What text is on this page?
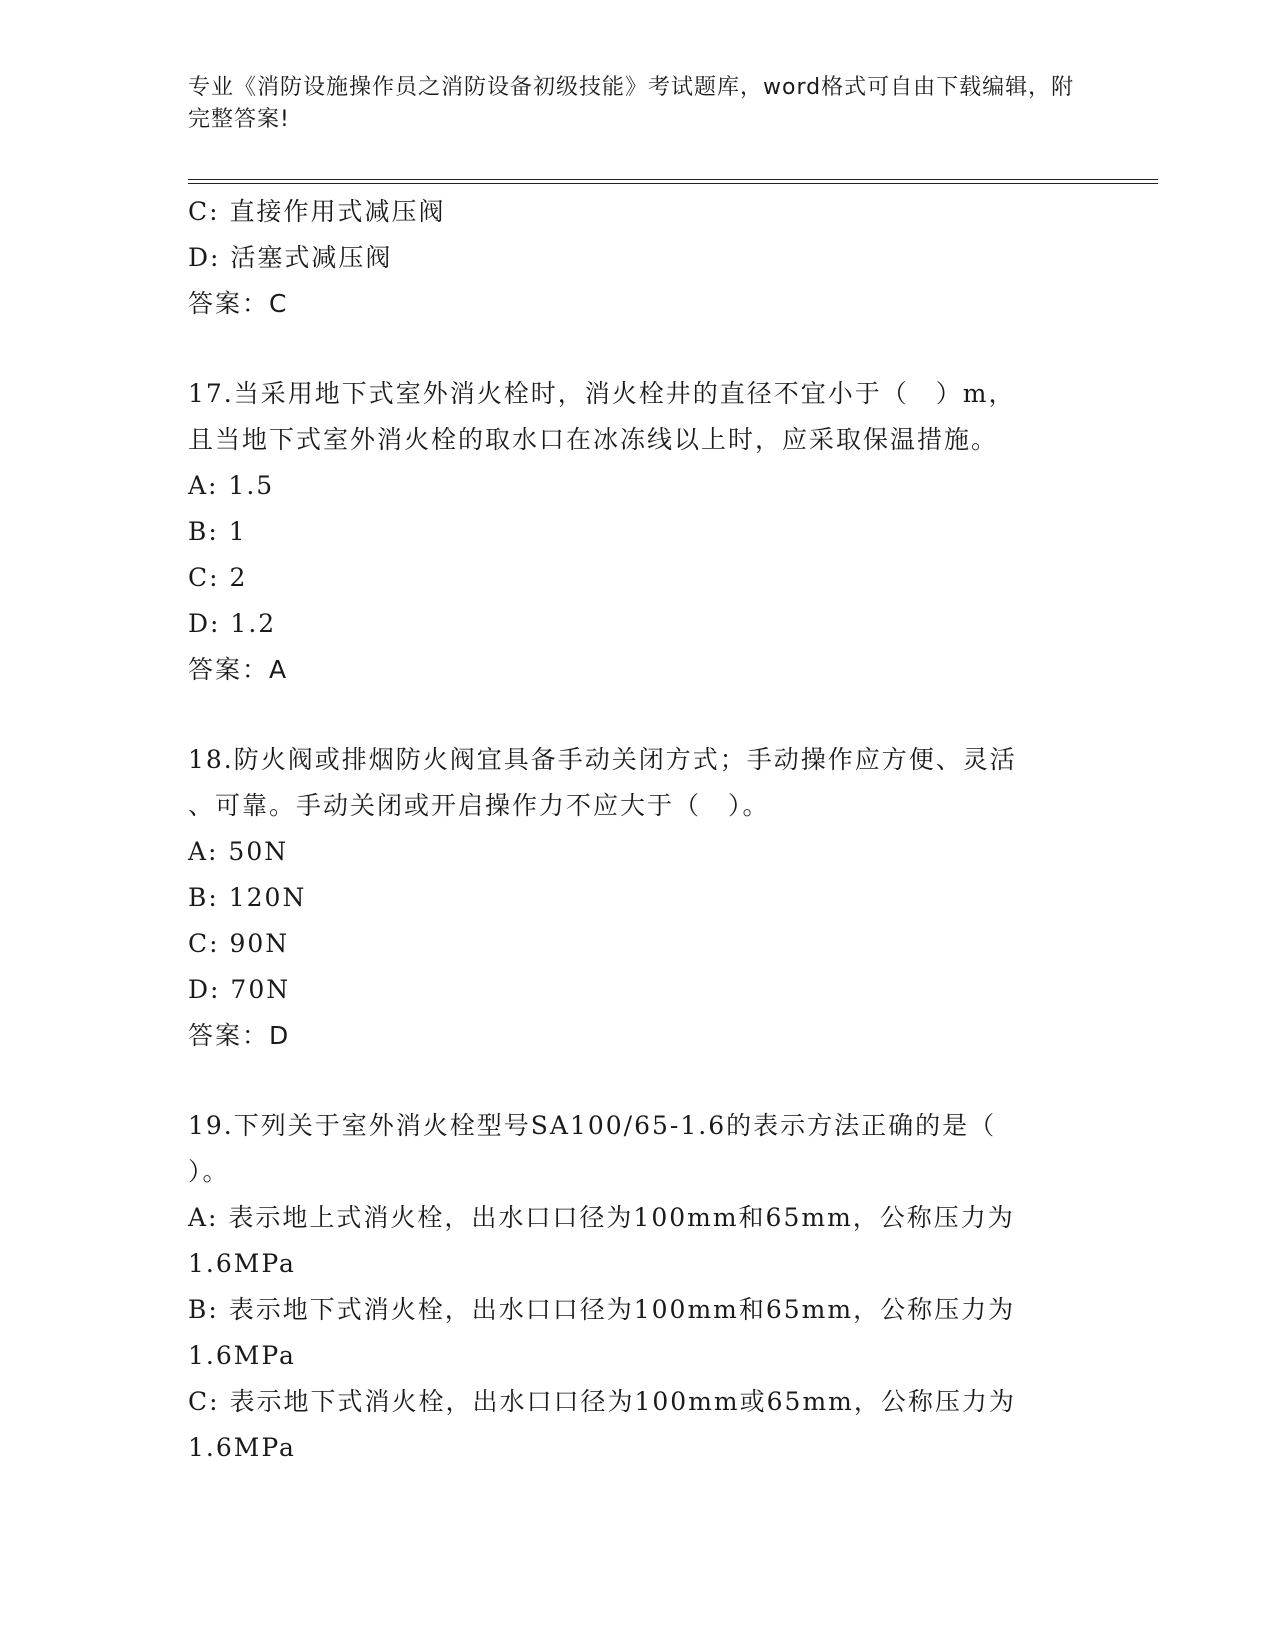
专业《消防设施操作员之消防设备初级技能》考试题库，word格式可自由下载编辑，附完整答案!
C: 直接作用式减压阀
D: 活塞式减压阀
答案：C
17.当采用地下式室外消火栓时，消火栓井的直径不宜小于（　）m，
且当地下式室外消火栓的取水口在冰冻线以上时，应采取保温措施。
A: 1.5
B: 1
C: 2
D: 1.2
答案：A
18.防火阀或排烟防火阀宜具备手动关闭方式；手动操作应方便、灵活
、可靠。手动关闭或开启操作力不应大于（　）。
A: 50N
B: 120N
C: 90N
D: 70N
答案：D
19.下列关于室外消火栓型号SA100/65-1.6的表示方法正确的是（
）。
A: 表示地上式消火栓，出水口口径为100mm和65mm，公称压力为
1.6MPa
B: 表示地下式消火栓，出水口口径为100mm和65mm，公称压力为
1.6MPa
C: 表示地下式消火栓，出水口口径为100mm或65mm，公称压力为
1.6MPa
